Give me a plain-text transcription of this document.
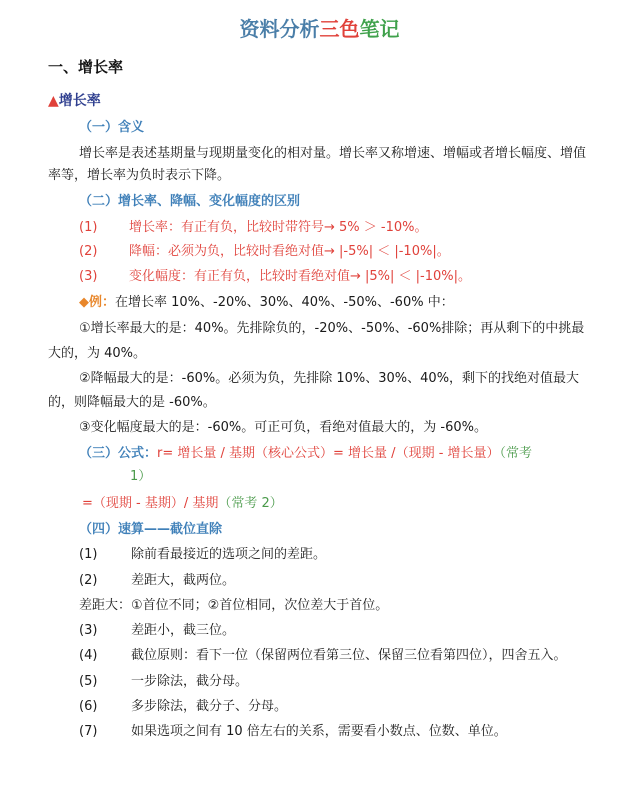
资料分析三色笔记
一、增长率
▲增长率
（一）含义
增长率是表述基期量与现期量变化的相对量。增长率又称增速、增幅或者增长幅度、增值
率等，增长率为负时表示下降。
（二）增长率、降幅、变化幅度的区别
(1) 增长率：有正有负，比较时带符号→ 5% ＞ -10%。
(2) 降幅：必须为负，比较时看绝对值→ |-5%| ＜ |-10%|。
(3) 变化幅度：有正有负，比较时看绝对值→ |5%| ＜ |-10%|。
◆例：在增长率 10%、-20%、30%、40%、-50%、-60% 中：
①增长率最大的是：40%。先排除负的，-20%、-50%、-60%排除；再从剩下的中挑最
大的，为 40%。
②降幅最大的是：-60%。必须为负，先排除 10%、30%、40%，剩下的找绝对值最大
的，则降幅最大的是 -60%。
③变化幅度最大的是：-60%。可正可负，看绝对值最大的，为 -60%。
（三）公式：r= 增长量 / 基期（核心公式）= 增长量 /（现期 - 增长量）（常考
1）
=（现期 - 基期）/ 基期（常考 2）
（四）速算——截位直除
(1)	除前看最接近的选项之间的差距。
(2)	差距大，截两位。
差距大：①首位不同；②首位相同，次位差大于首位。
(3)	差距小，截三位。
(4)	截位原则：看下一位（保留两位看第三位、保留三位看第四位），四舍五入。
(5)	一步除法，截分母。
(6)	多步除法，截分子、分母。
(7)	如果选项之间有 10 倍左右的关系，需要看小数点、位数、单位。
